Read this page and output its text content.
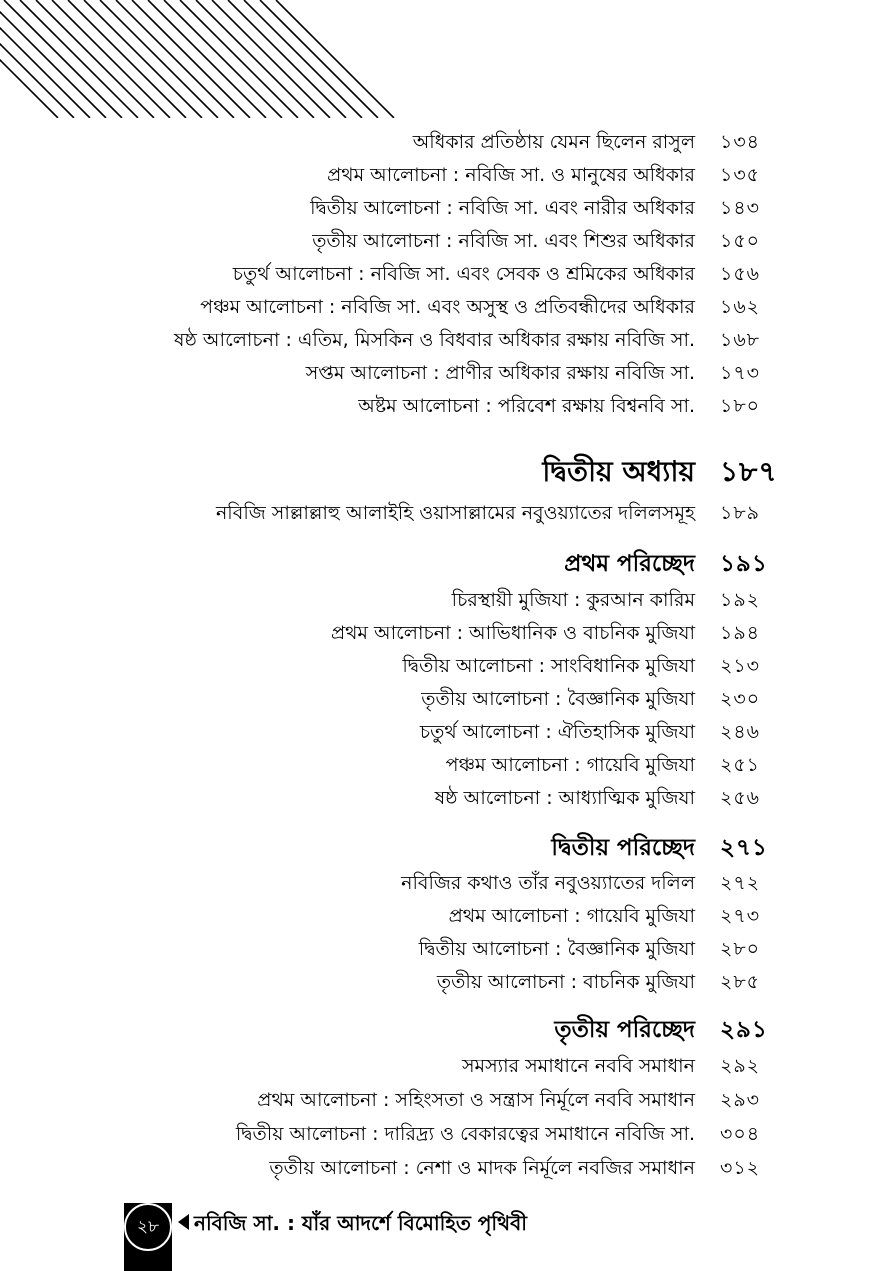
অধিকার প্রতিষ্ঠায় যেমন ছিলেন রাসুল ১৩৪
প্রথম আলোচনা : নবিজি সা. ও মানুষের অধিকার ১৩৫
দ্বিতীয় আলোচনা : নবিজি সা. এবং নারীর অধিকার ১৪৩
তৃতীয় আলোচনা : নবিজি সা. এবং শিশুর অধিকার ১৫০
চতুর্থ আলোচনা : নবিজি সা. এবং সেবক ও শ্রমিকের অধিকার ১৫৬
পঞ্চম আলোচনা : নবিজি সা. এবং অসুস্থ ও প্রতিবন্ধীদের অধিকার ১৬২
ষষ্ঠ আলোচনা : এতিম, মিসকিন ও বিধবার অধিকার রক্ষায় নবিজি সা. ১৬৮
সপ্তম আলোচনা : প্রাণীর অধিকার রক্ষায় নবিজি সা. ১৭৩
অষ্টম আলোচনা : পরিবেশ রক্ষায় বিশ্বনবি সা. ১৮০
দ্বিতীয় অধ্যায় ১৮৭
নবিজি সাল্লাল্লাহু আলাইহি ওয়াসাল্লামের নবুওয়্যাতের দলিলসমূহ ১৮৯
প্রথম পরিচ্ছেদ ১৯১
চিরস্থায়ী মুজিযা : কুরআন কারিম ১৯২
প্রথম আলোচনা : আভিধানিক ও বাচনিক মুজিযা ১৯৪
দ্বিতীয় আলোচনা : সাংবিধানিক মুজিযা ২১৩
তৃতীয় আলোচনা : বৈজ্ঞানিক মুজিযা ২৩০
চতুর্থ আলোচনা : ঐতিহাসিক মুজিযা ২৪৬
পঞ্চম আলোচনা : গায়েবি মুজিযা ২৫১
ষষ্ঠ আলোচনা : আধ্যাত্মিক মুজিযা ২৫৬
দ্বিতীয় পরিচ্ছেদ ২৭১
নবিজির কথাও তাঁর নবুওয়্যাতের দলিল ২৭২
প্রথম আলোচনা : গায়েবি মুজিযা ২৭৩
দ্বিতীয় আলোচনা : বৈজ্ঞানিক মুজিযা ২৮০
তৃতীয় আলোচনা : বাচনিক মুজিযা ২৮৫
তৃতীয় পরিচ্ছেদ ২৯১
সমস্যার সমাধানে নববি সমাধান ২৯২
প্রথম আলোচনা : সহিংসতা ও সন্ত্রাস নির্মূলে নববি সমাধান ২৯৩
দ্বিতীয় আলোচনা : দারিদ্র্য ও বেকারত্বের সমাধানে নবিজি সা. ৩০৪
তৃতীয় আলোচনা : নেশা ও মাদক নির্মূলে নবজির সমাধান ৩১২
২৮	নবিজি সা. : যাঁর আদর্শে বিমোহিত পৃথিবী
